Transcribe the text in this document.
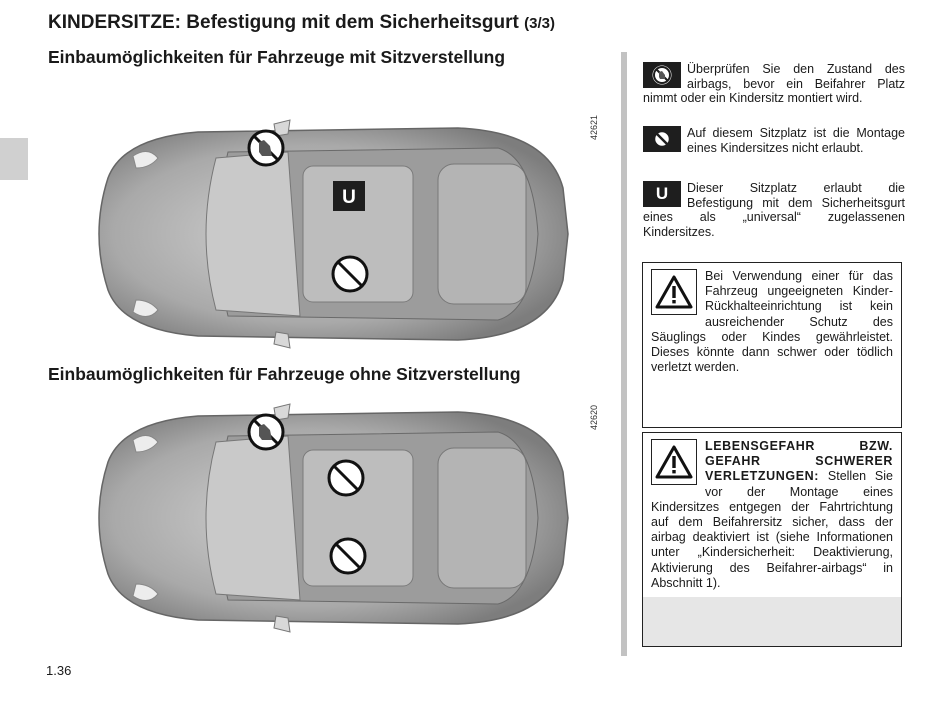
KINDERSITZE: Befestigung mit dem Sicherheitsgurt (3/3)
Einbaumöglichkeiten für Fahrzeuge mit Sitzverstellung
Einbaumöglichkeiten für Fahrzeuge ohne Sitzverstellung
42621
42620
U
Überprüfen Sie den Zustand des airbags, bevor ein Beifahrer Platz nimmt oder ein Kindersitz montiert wird.
Auf diesem Sitzplatz ist die Montage eines Kindersitzes nicht erlaubt.
U Dieser Sitzplatz erlaubt die Befestigung mit dem Sicherheitsgurt eines als „universal“ zugelassenen Kindersitzes.
Bei Verwendung einer für das Fahrzeug ungeeigneten Kinder-Rückhalteeinrichtung ist kein ausreichender Schutz des Säuglings oder Kindes gewährleistet. Dieses könnte dann schwer oder tödlich verletzt werden.
LEBENSGEFAHR BZW. GEFAHR SCHWERER VERLETZUNGEN: Stellen Sie vor der Montage eines Kindersitzes entgegen der Fahrtrichtung auf dem Beifahrersitz sicher, dass der airbag deaktiviert ist (siehe Informationen unter „Kindersicherheit: Deaktivierung, Aktivierung des Beifahrer-airbags“ in Abschnitt 1).
1.36
